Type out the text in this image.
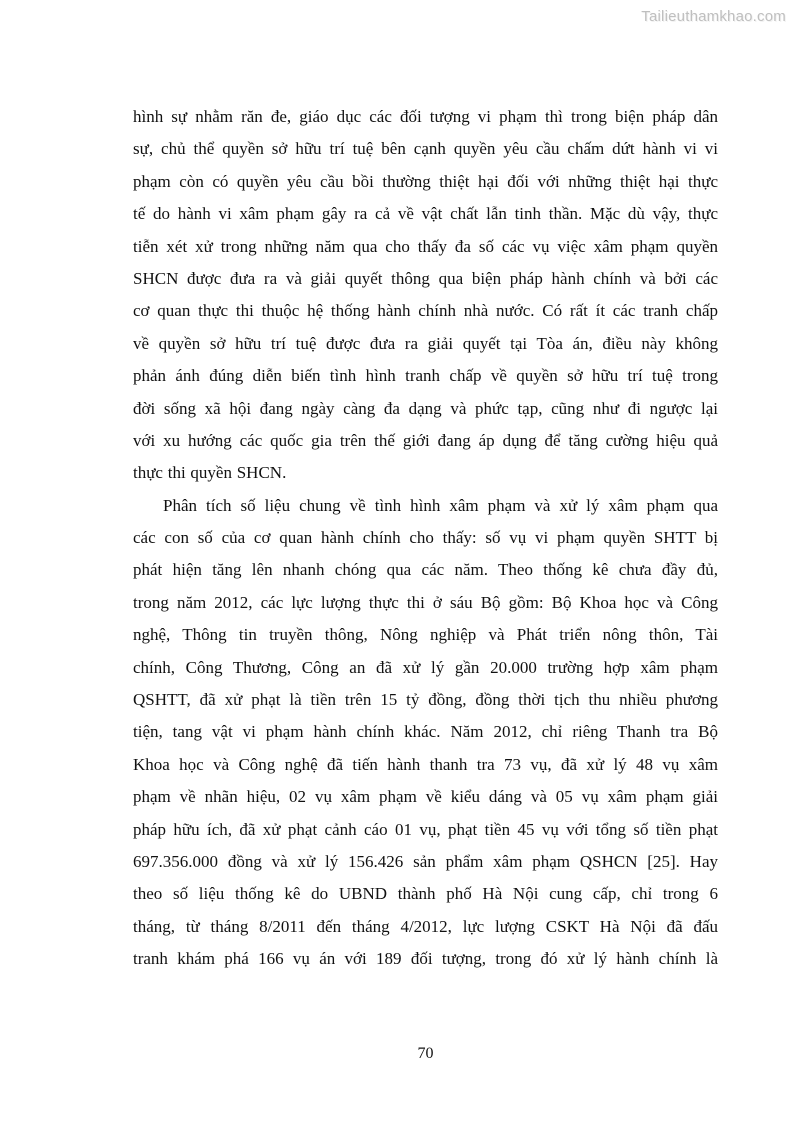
Tailieuthamkhao.com
hình sự nhằm răn đe, giáo dục các đối tượng vi phạm thì trong biện pháp dân
sự, chủ thể quyền sở hữu trí tuệ bên cạnh quyền yêu cầu chấm dứt hành vi vi
phạm còn có quyền yêu cầu bồi thường thiệt hại đối với những thiệt hại thực
tế do hành vi xâm phạm gây ra cả về vật chất lẫn tinh thần. Mặc dù vậy, thực
tiễn xét xử trong những năm qua cho thấy đa số các vụ việc xâm phạm quyền
SHCN được đưa ra và giải quyết thông qua biện pháp hành chính và bởi các
cơ quan thực thi thuộc hệ thống hành chính nhà nước. Có rất ít các tranh chấp
về quyền sở hữu trí tuệ được đưa ra giải quyết tại Tòa án, điều này không
phản ánh đúng diễn biến tình hình tranh chấp về quyền sở hữu trí tuệ trong
đời sống xã hội đang ngày càng đa dạng và phức tạp, cũng như đi ngược lại
với xu hướng các quốc gia trên thế giới đang áp dụng để tăng cường hiệu quả
thực thi quyền SHCN.
Phân tích số liệu chung về tình hình xâm phạm và xử lý xâm phạm qua
các con số của cơ quan hành chính cho thấy: số vụ vi phạm quyền SHTT bị
phát hiện tăng lên nhanh chóng qua các năm. Theo thống kê chưa đầy đủ,
trong năm 2012, các lực lượng thực thi ở sáu Bộ gồm: Bộ Khoa học và Công
nghệ, Thông tin truyền thông, Nông nghiệp và Phát triển nông thôn, Tài
chính, Công Thương, Công an đã xử lý gần 20.000 trường hợp xâm phạm
QSHTT, đã xử phạt là tiền trên 15 tỷ đồng, đồng thời tịch thu nhiều phương
tiện, tang vật vi phạm hành chính khác. Năm 2012, chỉ riêng Thanh tra Bộ
Khoa học và Công nghệ đã tiến hành thanh tra 73 vụ, đã xử lý 48 vụ xâm
phạm về nhãn hiệu, 02 vụ xâm phạm về kiểu dáng và 05 vụ xâm phạm giải
pháp hữu ích, đã xử phạt cảnh cáo 01 vụ, phạt tiền 45 vụ với tổng số tiền phạt
697.356.000 đồng và xử lý 156.426 sản phẩm xâm phạm QSHCN [25]. Hay
theo số liệu thống kê do UBND thành phố Hà Nội cung cấp, chỉ trong 6
tháng, từ tháng 8/2011 đến tháng 4/2012, lực lượng CSKT Hà Nội đã đấu
tranh khám phá 166 vụ án với 189 đối tượng, trong đó xử lý hành chính là
70
